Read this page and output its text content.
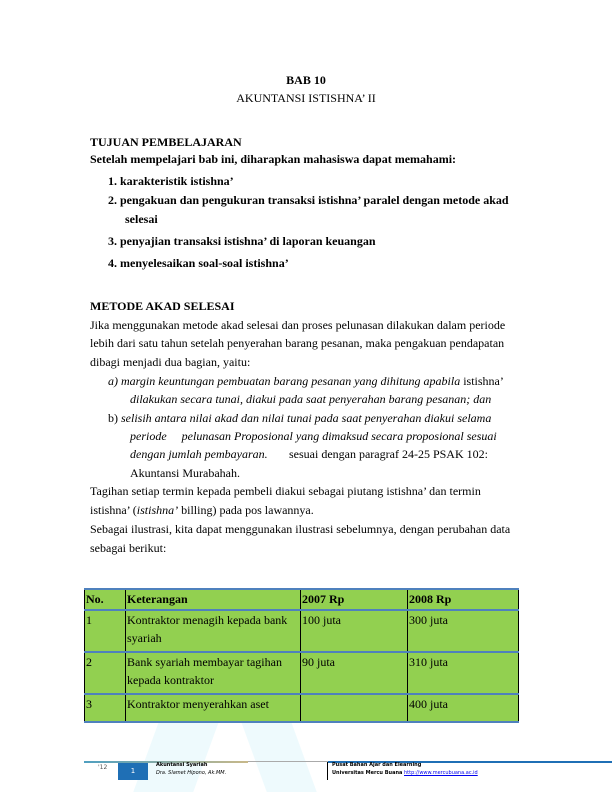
BAB 10
AKUNTANSI ISTISHNA’ II
TUJUAN PEMBELAJARAN
Setelah mempelajari bab ini, diharapkan mahasiswa dapat memahami:
1. karakteristik istishna’
2. pengakuan dan pengukuran transaksi istishna’ paralel dengan metode akad
selesai
3. penyajian transaksi istishna’ di laporan keuangan
4. menyelesaikan soal-soal istishna’
METODE AKAD SELESAI
Jika menggunakan metode akad selesai dan proses pelunasan dilakukan dalam periode
lebih dari satu tahun setelah penyerahan barang pesanan, maka pengakuan pendapatan
dibagi menjadi dua bagian, yaitu:
a) margin keuntungan pembuatan barang pesanan yang dihitung apabila istishna’
dilakukan secara tunai, diakui pada saat penyerahan barang pesanan; dan
b) selisih antara nilai akad dan nilai tunai pada saat penyerahan diakui selama
periode     pelunasan Proposional yang dimaksud secara proposional sesuai
dengan jumlah pembayaran. sesuai dengan paragraf 24-25 PSAK 102:
Akuntansi Murabahah.
Tagihan setiap termin kepada pembeli diakui sebagai piutang istishna’ dan termin
istishna’ (istishna’ billing) pada pos lawannya.
Sebagai ilustrasi, kita dapat menggunakan ilustrasi sebelumnya, dengan perubahan data
sebagai berikut:
No.	Keterangan	2007 Rp	2008 Rp
1	Kontraktor menagih kepada bank syariah	100 juta	300 juta
2	Bank syariah membayar tagihan kepada kontraktor	90 juta	310 juta
3	Kontraktor menyerahkan aset		400 juta
'12	1
Akuntansi Syariah
Dra. Slamet Hipono, Ak.MM.
Pusat Bahan Ajar dan Elearning
Universitas Mercu Buana http://www.mercubuana.ac.id
